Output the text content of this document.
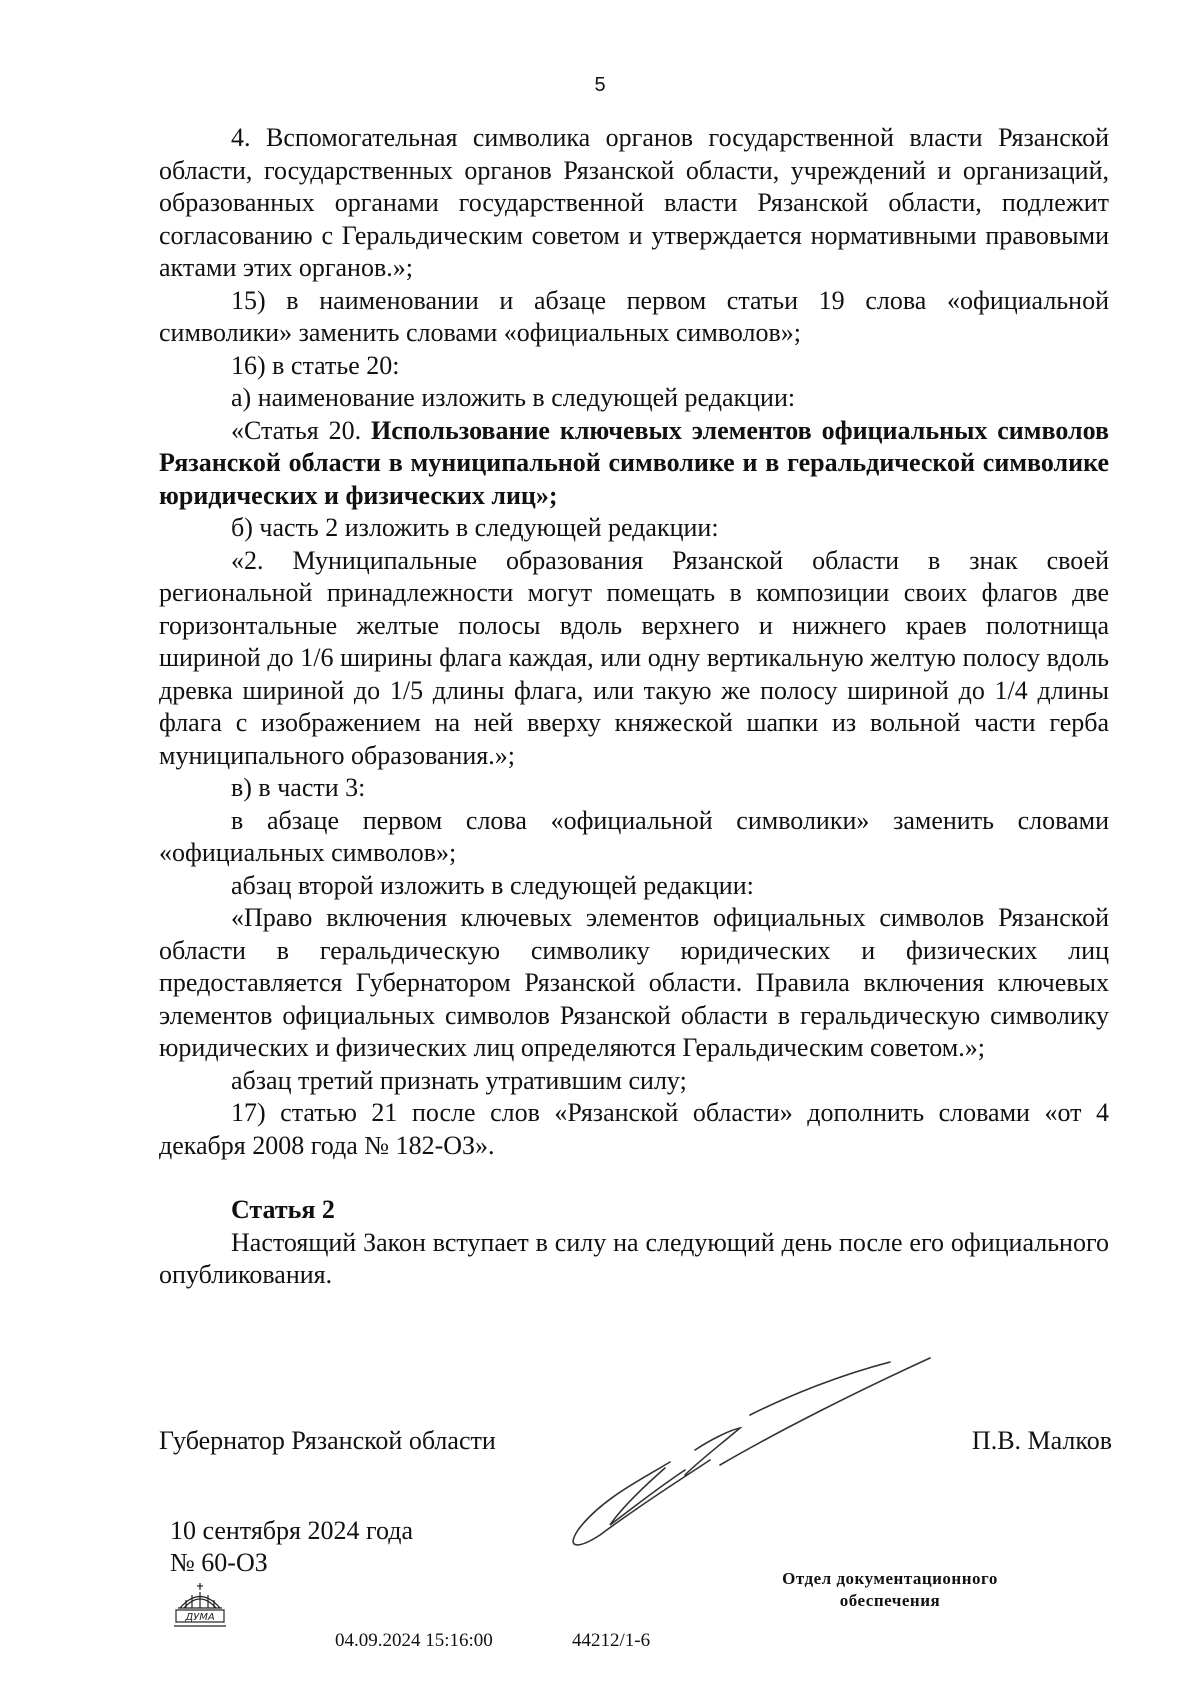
5

4. Вспомогательная символика органов государственной власти Рязанской области, государственных органов Рязанской области, учреждений и организаций, образованных органами государственной власти Рязанской области, подлежит согласованию с Геральдическим советом и утверждается нормативными правовыми актами этих органов.»;

15) в наименовании и абзаце первом статьи 19 слова «официальной символики» заменить словами «официальных символов»;

16) в статье 20:

а) наименование изложить в следующей редакции:

«Статья 20. Использование ключевых элементов официальных символов Рязанской области в муниципальной символике и в геральдической символике юридических и физических лиц»;

б) часть 2 изложить в следующей редакции:

«2. Муниципальные образования Рязанской области в знак своей региональной принадлежности могут помещать в композиции своих флагов две горизонтальные желтые полосы вдоль верхнего и нижнего краев полотнища шириной до 1/6 ширины флага каждая, или одну вертикальную желтую полосу вдоль древка шириной до 1/5 длины флага, или такую же полосу шириной до 1/4 длины флага с изображением на ней вверху княжеской шапки из вольной части герба муниципального образования.»;

в) в части 3:

в абзаце первом слова «официальной символики» заменить словами «официальных символов»;

абзац второй изложить в следующей редакции:

«Право включения ключевых элементов официальных символов Рязанской области в геральдическую символику юридических и физических лиц предоставляется Губернатором Рязанской области. Правила включения ключевых элементов официальных символов Рязанской области в геральдическую символику юридических и физических лиц определяются Геральдическим советом.»;

абзац третий признать утратившим силу;

17) статью 21 после слов «Рязанской области» дополнить словами «от 4 декабря 2008 года № 182-ОЗ».

Статья 2

Настоящий Закон вступает в силу на следующий день после его официального опубликования.

Губернатор Рязанской области	П.В. Малков
10 сентября 2024 года
№ 60-ОЗ
ДУМА
04.09.2024 15:16:00	44212/1-6
Отдел документационного
обеспечения
